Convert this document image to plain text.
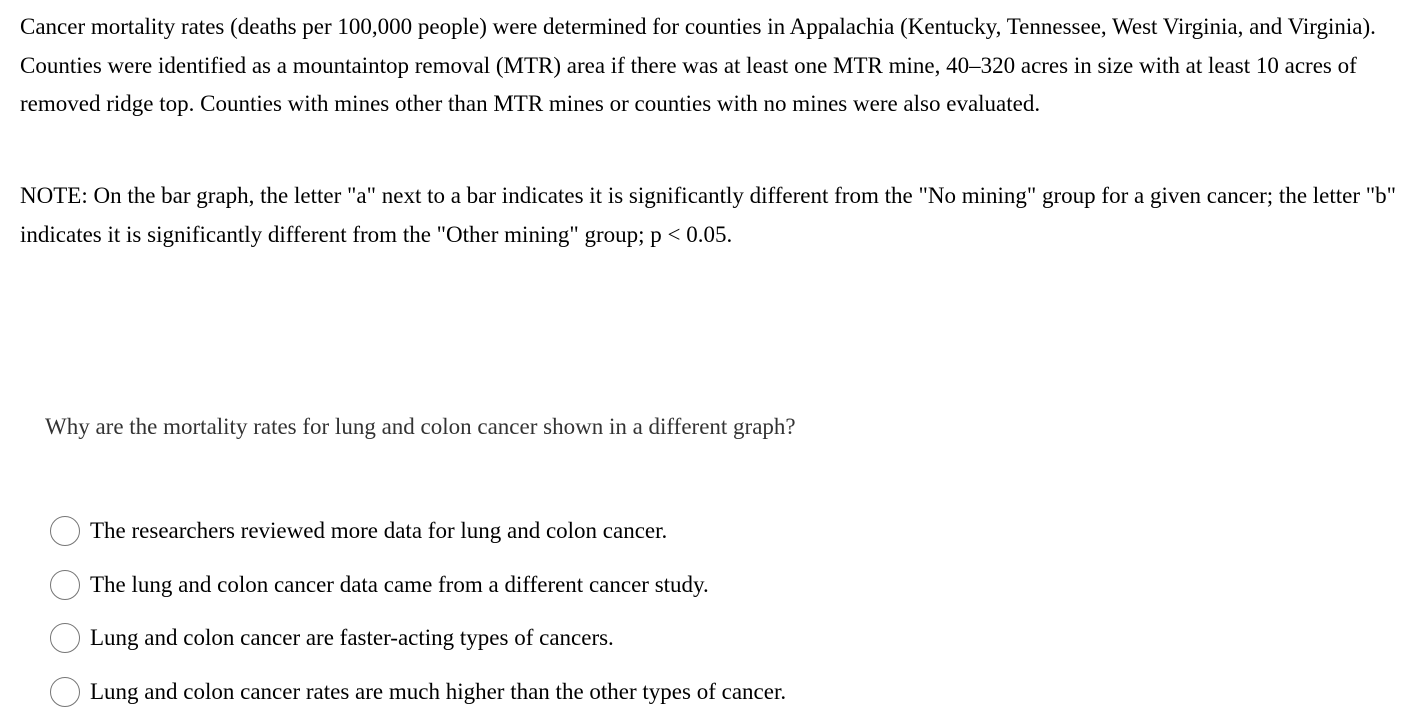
Cancer mortality rates (deaths per 100,000 people) were determined for counties in Appalachia (Kentucky, Tennessee, West Virginia, and Virginia). Counties were identified as a mountaintop removal (MTR) area if there was at least one MTR mine, 40–320 acres in size with at least 10 acres of removed ridge top. Counties with mines other than MTR mines or counties with no mines were also evaluated.

NOTE: On the bar graph, the letter "a" next to a bar indicates it is significantly different from the "No mining" group for a given cancer; the letter "b" indicates it is significantly different from the "Other mining" group; p < 0.05.

Why are the mortality rates for lung and colon cancer shown in a different graph?

The researchers reviewed more data for lung and colon cancer.
The lung and colon cancer data came from a different cancer study.
Lung and colon cancer are faster-acting types of cancers.
Lung and colon cancer rates are much higher than the other types of cancer.
